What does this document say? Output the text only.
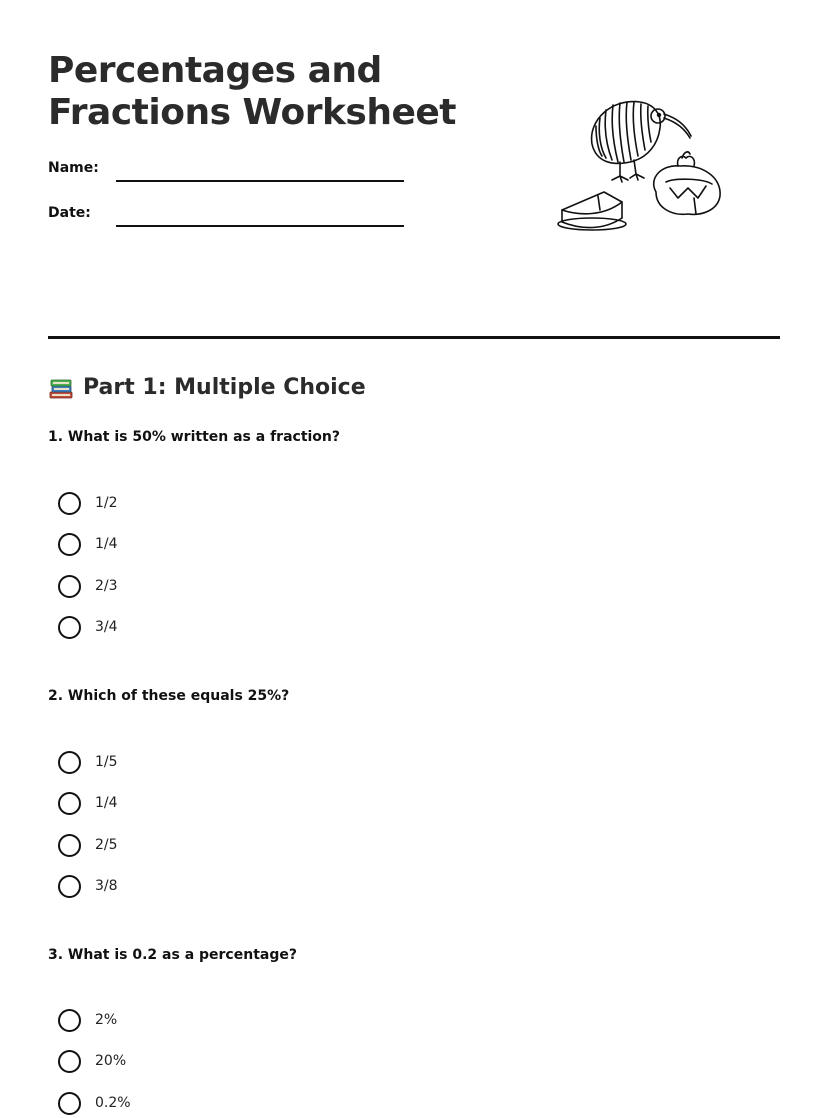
Percentages and
Fractions Worksheet
Name:
Date:
Part 1: Multiple Choice
1. What is 50% written as a fraction?
1/2
1/4
2/3
3/4
2. Which of these equals 25%?
1/5
1/4
2/5
3/8
3. What is 0.2 as a percentage?
2%
20%
0.2%
